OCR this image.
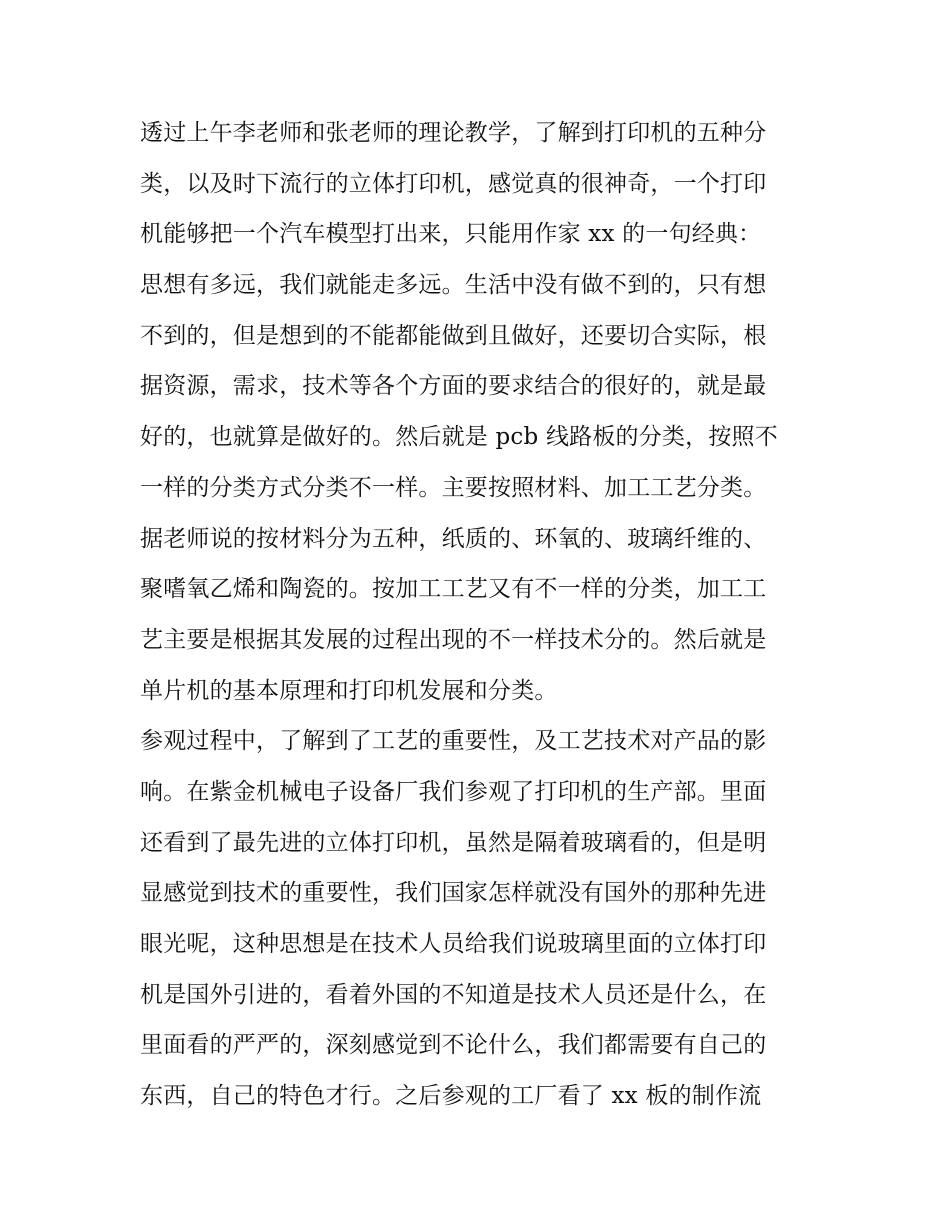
透过上午李老师和张老师的理论教学，了解到打印机的五种分
类，以及时下流行的立体打印机，感觉真的很神奇，一个打印
机能够把一个汽车模型打出来，只能用作家 xx 的一句经典：
思想有多远，我们就能走多远。生活中没有做不到的，只有想
不到的，但是想到的不能都能做到且做好，还要切合实际，根
据资源，需求，技术等各个方面的要求结合的很好的，就是最
好的，也就算是做好的。然后就是 pcb 线路板的分类，按照不
一样的分类方式分类不一样。主要按照材料、加工工艺分类。
据老师说的按材料分为五种，纸质的、环氧的、玻璃纤维的、
聚嗜氧乙烯和陶瓷的。按加工工艺又有不一样的分类，加工工
艺主要是根据其发展的过程出现的不一样技术分的。然后就是
单片机的基本原理和打印机发展和分类。
参观过程中，了解到了工艺的重要性，及工艺技术对产品的影
响。在紫金机械电子设备厂我们参观了打印机的生产部。里面
还看到了最先进的立体打印机，虽然是隔着玻璃看的，但是明
显感觉到技术的重要性，我们国家怎样就没有国外的那种先进
眼光呢，这种思想是在技术人员给我们说玻璃里面的立体打印
机是国外引进的，看着外国的不知道是技术人员还是什么，在
里面看的严严的，深刻感觉到不论什么，我们都需要有自己的
东西，自己的特色才行。之后参观的工厂看了 xx 板的制作流
